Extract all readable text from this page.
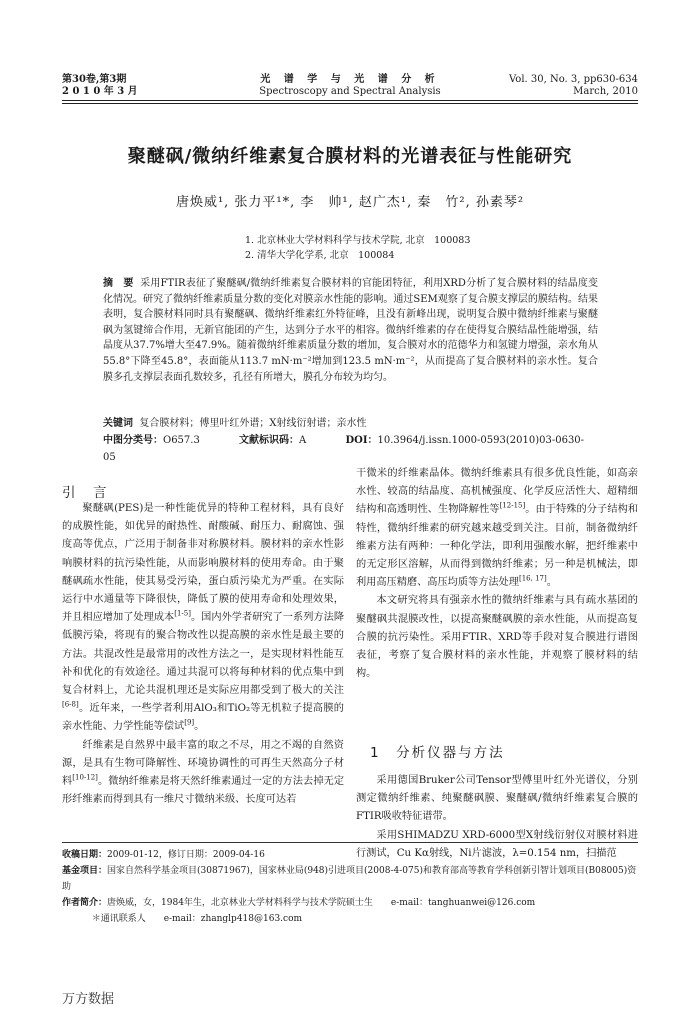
第30卷,第3期
2 0 1 0 年 3 月
光 谱 学 与 光 谱 分 析
Spectroscopy and Spectral Analysis
Vol. 30, No. 3, pp630-634
March, 2010
聚醚砜/微纳纤维素复合膜材料的光谱表征与性能研究
唐焕威¹, 张力平¹*, 李　帅¹, 赵广杰¹, 秦　竹², 孙素琴²
1. 北京林业大学材料科学与技术学院, 北京　100083
2. 清华大学化学系, 北京　100084
摘　要 采用FTIR表征了聚醚砜/微纳纤维素复合膜材料的官能团特征，利用XRD分析了复合膜材料的结晶度变化情况。研究了微纳纤维素质量分数的变化对膜亲水性能的影响。通过SEM观察了复合膜支撑层的膜结构。结果表明，复合膜材料同时具有聚醚砜、微纳纤维素红外特征峰，且没有新峰出现，说明复合膜中微纳纤维素与聚醚砜为氢键缔合作用，无新官能团的产生，达到分子水平的相容。微纳纤维素的存在使得复合膜结晶性能增强，结晶度从37.7%增大至47.9%。随着微纳纤维素质量分数的增加，复合膜对水的范德华力和氢键力增强，亲水角从55.8°下降至45.8°，表面能从113.7 mN·m⁻²增加到123.5 mN·m⁻²，从而提高了复合膜材料的亲水性。复合膜多孔支撑层表面孔数较多，孔径有所增大，膜孔分布较为均匀。
关键词 复合膜材料；傅里叶红外谱；X射线衍射谱；亲水性
中图分类号：O657.3	文献标识码：A	DOI：10.3964/j.issn.1000-0593(2010)03-0630-05
引　言

聚醚砜(PES)是一种性能优异的特种工程材料，具有良好的成膜性能，如优异的耐热性、耐酸碱、耐压力、耐腐蚀、强度高等优点，广泛用于制备非对称膜材料。膜材料的亲水性影响膜材料的抗污染性能，从而影响膜材料的使用寿命。由于聚醚砜疏水性能，使其易受污染，蛋白质污染尤为严重。在实际运行中水通量等下降很快，降低了膜的使用寿命和处理效果，并且相应增加了处理成本[1-5]。国内外学者研究了一系列方法降低膜污染，将现有的聚合物改性以提高膜的亲水性是最主要的方法。共混改性是最常用的改性方法之一，是实现材料性能互补和优化的有效途径。通过共混可以将每种材料的优点集中到复合材料上，尤论共混机理还是实际应用都受到了极大的关注[6-8]。近年来，一些学者利用AlO₃和TiO₂等无机粒子提高膜的亲水性能、力学性能等偿试[9]。

纤维素是自然界中最丰富的取之不尽，用之不竭的自然资源，是具有生物可降解性、环境协调性的可再生天然高分子材料[10-12]。微纳纤维素是将天然纤维素通过一定的方法去掉无定形纤维素而得到具有一维尺寸微纳米级、长度可达若

干微米的纤维素晶体。微纳纤维素具有很多优良性能，如高亲水性、较高的结晶度、高机械强度、化学反应活性大、超精细结构和高透明性、生物降解性等[12-15]。由于特殊的分子结构和特性，微纳纤维素的研究越来越受到关注。目前，制备微纳纤维素方法有两种：一种化学法，即利用强酸水解，把纤维素中的无定形区溶解，从而得到微纳纤维素；另一种是机械法，即利用高压精磨、高压均质等方法处理[16, 17]。

本文研究将具有强亲水性的微纳纤维素与具有疏水基团的聚醚砜共混膜改性，以提高聚醚砜膜的亲水性能，从而提高复合膜的抗污染性。采用FTIR、XRD等手段对复合膜进行谱图表征，考察了复合膜材料的亲水性能，并观察了膜材料的结构。

1　分析仪器与方法

采用德国Bruker公司Tensor型傅里叶红外光谱仪，分别测定微纳纤维素、纯聚醚砜膜、聚醚砜/微纳纤维素复合膜的FTIR吸收特征谱带。

采用SHIMADZU XRD-6000型X射线衍射仪对膜材料进行测试，Cu Kα射线，Ni片滤波，λ=0.154 nm，扫描范

收稿日期：2009-01-12，修订日期：2009-04-16
基金项目：国家自然科学基金项目(30871967)，国家林业局(948)引进项目(2008-4-075)和教育部高等教育学科创新引智计划项目(B08005)资助
作者简介：唐焕威，女，1984年生，北京林业大学材料科学与技术学院硕士生　　e-mail：tanghuanwei@126.com
＊通讯联系人　　e-mail：zhanglp418@163.com
万方数据
